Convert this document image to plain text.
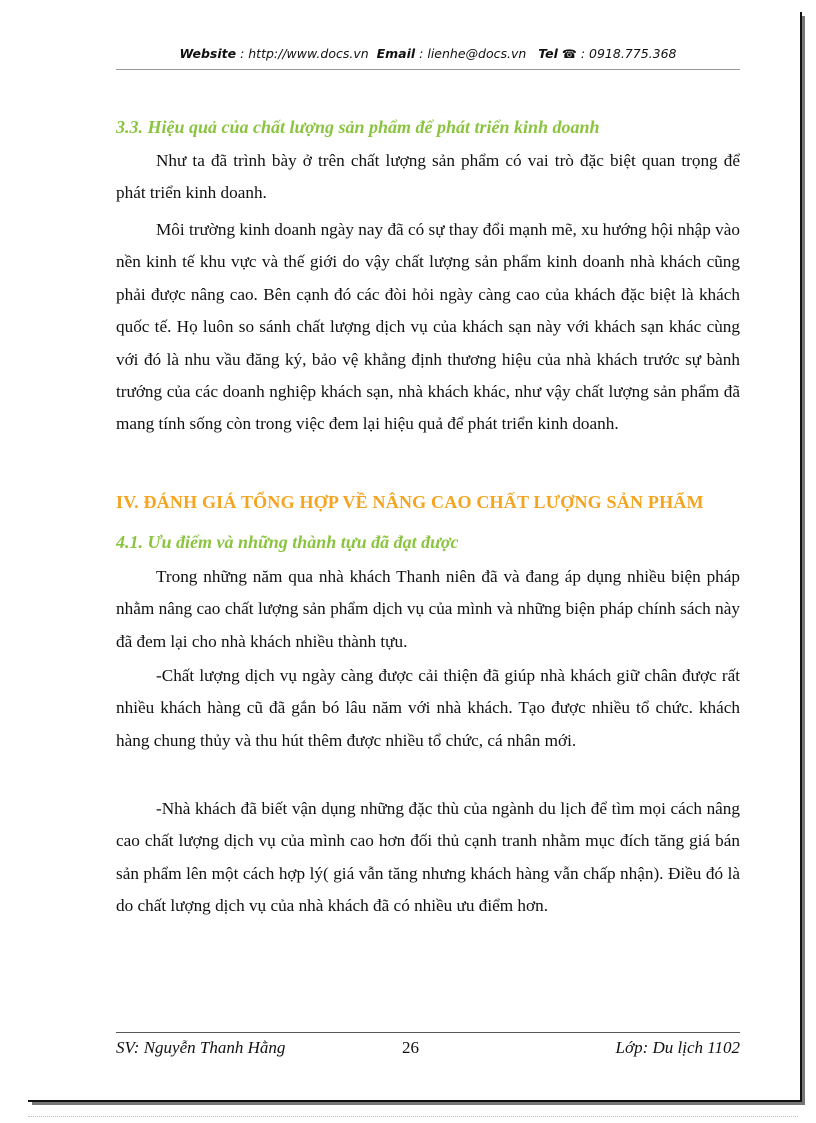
Website : http://www.docs.vn Email : lienhe@docs.vn Tel ☎ : 0918.775.368
3.3. Hiệu quả của chất lượng sản phẩm để phát triển kinh doanh

Như ta đã trình bày ở trên chất lượng sản phẩm có vai trò đặc biệt quan trọng để phát triển kinh doanh.

Môi trường kinh doanh ngày nay đã có sự thay đổi mạnh mẽ, xu hướng hội nhập vào nền kinh tế khu vực và thế giới do vậy chất lượng sản phẩm kinh doanh nhà khách cũng phải được nâng cao. Bên cạnh đó các đòi hỏi ngày càng cao của khách đặc biệt là khách quốc tế. Họ luôn so sánh chất lượng dịch vụ của khách sạn này với khách sạn khác cùng với đó là nhu vầu đăng ký, bảo vệ khẳng định thương hiệu của nhà khách trước sự bành trướng của các doanh nghiệp khách sạn, nhà khách khác, như vậy chất lượng sản phẩm đã mang tính sống còn trong việc đem lại hiệu quả để phát triển kinh doanh.

IV. ĐÁNH GIÁ TỔNG HỢP VỀ NÂNG CAO CHẤT LƯỢNG SẢN PHẨM
4.1. Ưu điểm và những thành tựu đã đạt được

Trong những năm qua nhà khách Thanh niên đã và đang áp dụng nhiều biện pháp nhằm nâng cao chất lượng sản phẩm dịch vụ của mình và những biện pháp chính sách này đã đem lại cho nhà khách nhiều thành tựu.

-Chất lượng dịch vụ ngày càng được cải thiện đã giúp nhà khách giữ chân được rất nhiều khách hàng cũ đã gắn bó lâu năm với nhà khách. Tạo được nhiều tổ chức. khách hàng chung thủy và thu hút thêm được nhiều tổ chức, cá nhân mới.

-Nhà khách đã biết vận dụng những đặc thù của ngành du lịch để tìm mọi cách nâng cao chất lượng dịch vụ của mình cao hơn đối thủ cạnh tranh nhằm mục đích tăng giá bán sản phẩm lên một cách hợp lý( giá vẫn tăng nhưng khách hàng vẫn chấp nhận). Điều đó là do chất lượng dịch vụ của nhà khách đã có nhiều ưu điểm hơn.

SV: Nguyễn Thanh Hằng	26	Lớp: Du lịch 1102
